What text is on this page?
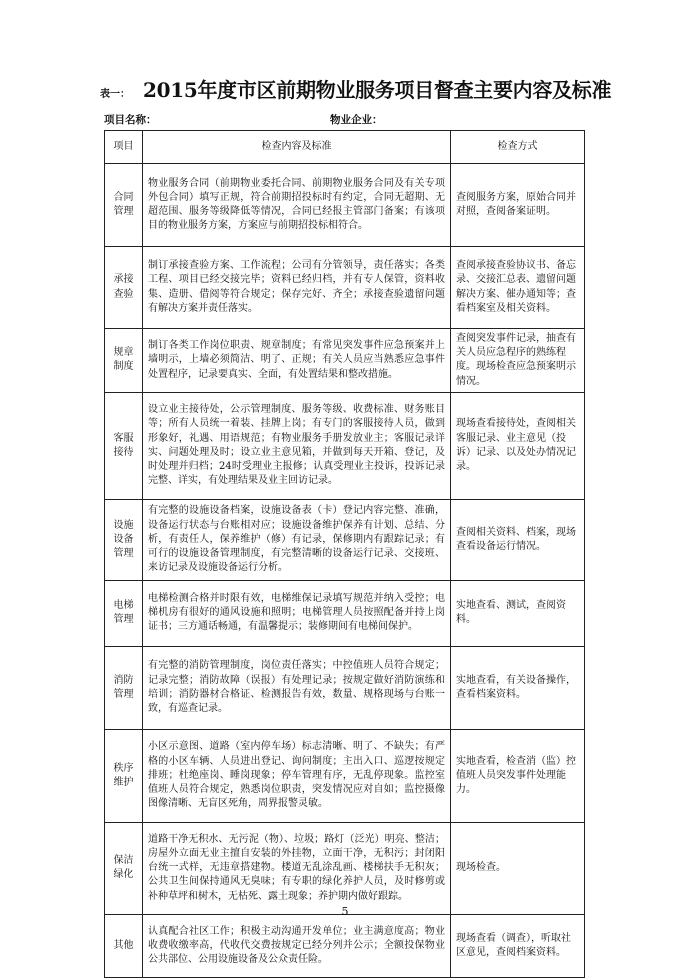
表一： 2015年度市区前期物业服务项目督查主要内容及标准
项目名称：	物业企业：
项目	检查内容及标准	检查方式
合同管理	物业服务合同（前期物业委托合同、前期物业服务合同及有关专项外包合同）填写正规，符合前期招投标时有约定，合同无超期、无超范围、服务等级降低等情况，合同已经报主管部门备案；有该项目的物业服务方案，方案应与前期招投标相符合。	查阅服务方案，原始合同并对照，查阅备案证明。
承接查验	制订承接查验方案、工作流程；公司有分管领导，责任落实；各类工程、项目已经交接完毕；资料已经归档，并有专人保管，资料收集、造册、借阅等符合规定；保存完好、齐全；承接查验遗留问题有解决方案并责任落实。	查阅承接查验协议书、备忘录、交接汇总表、遗留问题解决方案、催办通知等；查看档案室及相关资料。
规章制度	制订各类工作岗位职责、规章制度；有常见突发事件应急预案并上墙明示，上墙必须简洁、明了、正规；有关人员应当熟悉应急事件处置程序，记录要真实、全面，有处置结果和整改措施。	查阅突发事件记录，抽查有关人员应急程序的熟练程度。现场检查应急预案明示情况。
客服接待	设立业主接待处，公示管理制度、服务等级、收费标准、财务账目等；所有人员统一着装、挂牌上岗；有专门的客服接待人员，做到形象好，礼遇、用语规范；有物业服务手册发放业主；客服记录详实、问题处理及时；设立业主意见箱，并做到每天开箱、登记，及时处理并归档；24时受理业主报修；认真受理业主投诉，投诉记录完整、详实，有处理结果及业主回访记录。	现场查看接待处，查阅相关客服记录、业主意见（投诉）记录、以及处办情况记录。
设施设备管理	有完整的设施设备档案，设施设备表（卡）登记内容完整、准确，设备运行状态与台账相对应；设施设备维护保养有计划、总结、分析，有责任人，保养维护（修）有记录，保修期内有跟踪记录；有可行的设施设备管理制度，有完整清晰的设备运行记录、交接班、来访记录及设施设备运行分析。	查阅相关资料、档案，现场查看设备运行情况。
电梯管理	电梯检测合格并时限有效，电梯维保记录填写规范并纳入受控；电梯机房有很好的通风设施和照明；电梯管理人员按照配备并持上岗证书；三方通话畅通，有温馨提示；装修期间有电梯间保护。	实地查看、测试，查阅资料。
消防管理	有完整的消防管理制度，岗位责任落实；中控值班人员符合规定；记录完整；消防故障（误报）有处理记录；按规定做好消防演练和培训；消防器材合格证、检测报告有效，数量、规格现场与台账一致，有巡查记录。	实地查看，有关设备操作，查看档案资料。
秩序维护	小区示意图、道路（室内停车场）标志清晰、明了、不缺失；有严格的小区车辆、人员进出登记、询问制度；主出入口、巡逻按规定排班；杜绝座岗、睡岗现象；停车管理有序，无乱停现象。监控室值班人员符合规定，熟悉岗位职责，突发情况应对自如；监控摄像图像清晰、无盲区死角，周界报警灵敏。	实地查看，检查消（监）控值班人员突发事件处理能力。
保洁绿化	道路干净无积水、无污泥（物）、垃圾；路灯（泛光）明亮、整洁；房屋外立面无业主擅自安装的外挂物，立面干净，无积污；封闭阳台统一式样，无违章搭建物。楼道无乱涂乱画、楼梯扶手无积灰；公共卫生间保持通风无臭味；有专职的绿化养护人员，及时修剪或补种草坪和树木，无枯死、露土现象；养护期内做好跟踪。	现场检查。
其他	认真配合社区工作；积极主动沟通开发单位；业主满意度高；物业收费收缴率高，代收代交费按规定已经分列并公示；全额投保物业公共部位、公用设施设备及公众责任险。	现场查看（调查），听取社区意见，查阅档案资料。
5
